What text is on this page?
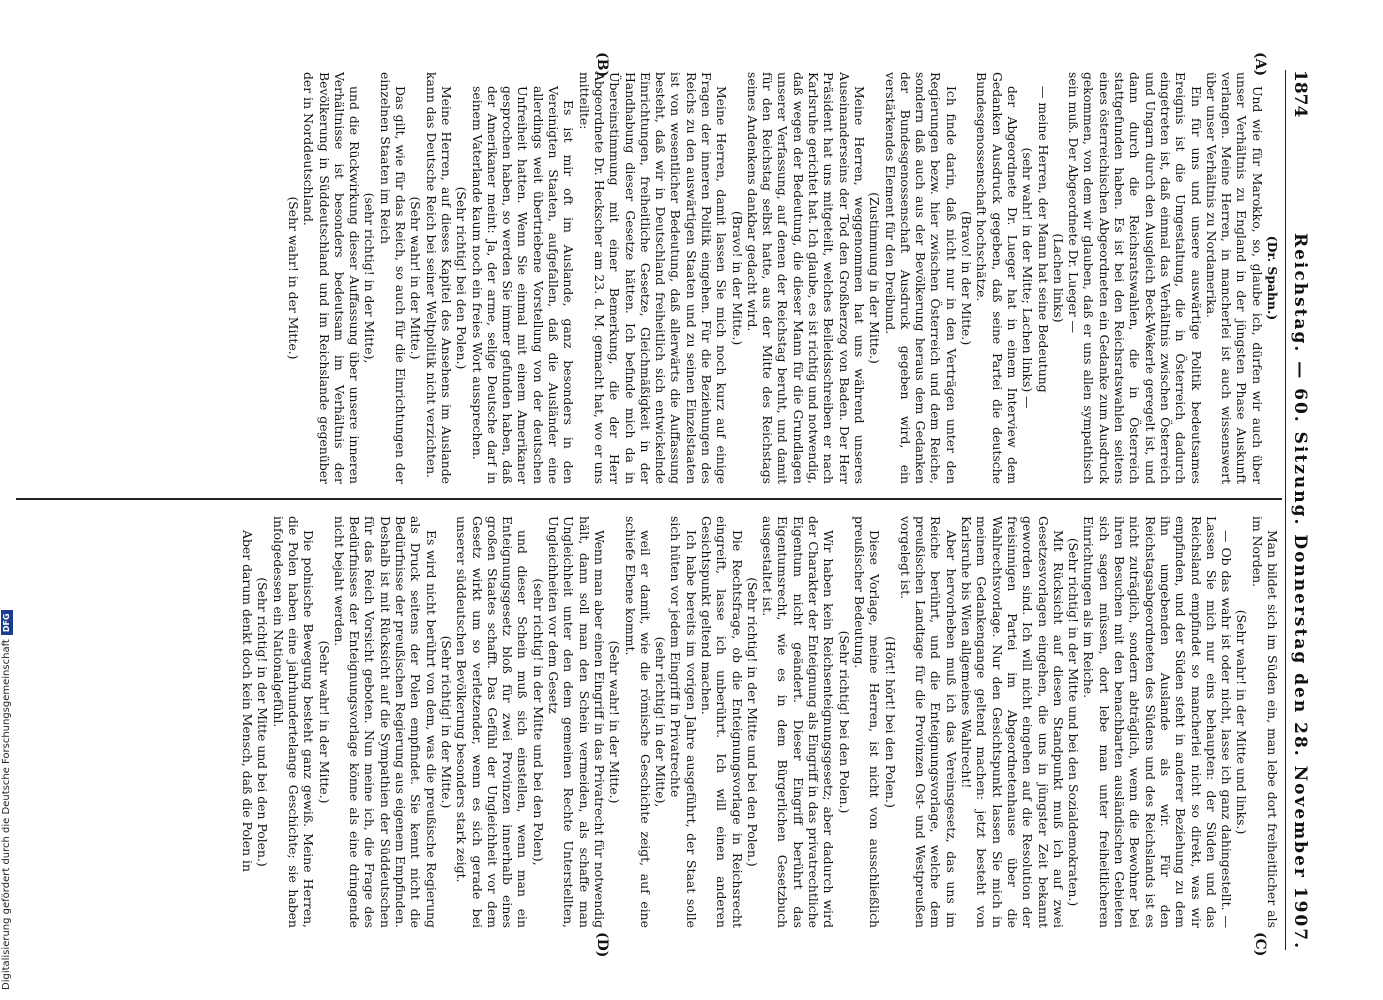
Digitalisierung gefördert durch die Deutsche ForschungsgemeinschaftDFG
1874
Reichstag. — 60. Sitzung. Donnerstag den 28. November 1907.
(A)
(B)
(C)
(D)

(Dr. Spahn.)

Und wie für Marokko, so, glaube ich, dürfen wir auch über unser Verhältnis zu England in der jüngsten Phase Auskunft verlangen. Meine Herren, in mancherlei ist auch wissenswert über unser Verhältnis zu Nordamerika.

Ein für uns und unsere auswärtige Politik bedeutsames Ereignis ist die Umgestaltung, die in Österreich dadurch eingetreten ist, daß einmal das Verhältnis zwischen Österreich und Ungarn durch den Ausgleich Beck-Wekerle geregelt ist, und dann durch die Reichsratswahlen, die in Österreich stattgefunden haben. Es ist bei den Reichsratswahlen seitens eines österreichischen Abgeordneten ein Gedanke zum Ausdruck gekommen, von dem wir glauben, daß er uns allen sympathisch sein muß. Der Abgeordnete Dr. Lueger —

(Lachen links)

— meine Herren, der Mann hat seine Bedeutung

(sehr wahr! in der Mitte; Lachen links) —

der Abgeordnete Dr. Lueger hat in einem Interview dem Gedanken Ausdruck gegeben, daß seine Partei die deutsche Bundesgenossenschaft hochschätze.

(Bravo! in der Mitte.)

Ich finde darin, daß nicht nur in den Verträgen unter den Regierungen bezw. hier zwischen Österreich und dem Reiche, sondern daß auch aus der Bevölkerung heraus dem Gedanken der Bundesgenossenschaft Ausdruck gegeben wird, ein verstärkendes Element für den Dreibund.

(Zustimmung in der Mitte.)

Meine Herren, weggenommen hat uns während unseres Auseinanderseins der Tod den Großherzog von Baden. Der Herr Präsident hat uns mitgeteilt, welches Beileidsschreiben er nach Karlsruhe gerichtet hat. Ich glaube, es ist richtig und notwendig, daß wegen der Bedeutung, die dieser Mann für die Grundlagen unserer Verfassung, auf denen der Reichstag beruht, und damit für den Reichstag selbst hatte, aus der Mitte des Reichstags seines Andenkens dankbar gedacht wird.

(Bravo! in der Mitte.)

Meine Herren, damit lassen Sie mich noch kurz auf einige Fragen der inneren Politik eingehen. Für die Beziehungen des Reichs zu den auswärtigen Staaten und zu seinen Einzelstaaten ist von wesentlicher Bedeutung, daß allerwärts die Auffassung besteht, daß wir in Deutschland freiheitlich sich entwickelnde Einrichtungen, freiheitliche Gesetze, Gleichmäßigkeit in der Handhabung dieser Gesetze hätten. Ich befinde mich da in Übereinstimmung mit einer Bemerkung, die der Herr Abgeordnete Dr. Heckscher am 23. d. M. gemacht hat, wo er uns mitteilte:

Es ist mir oft im Auslande, ganz besonders in den Vereinigten Staaten, aufgefallen, daß die Ausländer eine allerdings weit übertriebene Vorstellung von der deutschen Unfreiheit hatten. Wenn Sie einmal mit einem Amerikaner gesprochen haben, so werden Sie immer gefunden haben, daß der Amerikaner meint: Ja, der arme, selige Deutsche darf in seinem Vaterlande kaum noch ein freies Wort aussprechen.

(Sehr richtig! bei den Polen.)

Meine Herren, auf dieses Kapitel des Ansehens im Auslande kann das Deutsche Reich bei seiner Weltpolitik nicht verzichten.

(Sehr wahr! in der Mitte.)

Das gilt, wie für das Reich, so auch für die Einrichtungen der einzelnen Staaten im Reich

(sehr richtig! in der Mitte),

und die Rückwirkung dieser Auffassung über unsere inneren Verhältnisse ist besonders bedeutsam im Verhältnis der Bevölkerung in Süddeutschland und im Reichslande gegenüber der in Norddeutschland.

(Sehr wahr! in der Mitte.)

Man bildet sich im Süden ein, man lebe dort freiheitlicher als im Norden.

(Sehr wahr! in der Mitte und links.)

— Ob das wahr ist oder nicht, lasse ich ganz dahingestellt. — Lassen Sie mich nur eins behaupten: der Süden und das Reichsland empfindet so mancherlei nicht so direkt, was wir empfinden, und der Süden steht in anderer Beziehung zu dem ihn umgebenden Auslande als wir. Für den Reichstagsabgeordneten des Südens und des Reichslands ist es nicht zuträglich, sondern abträglich, wenn die Bewohner bei ihren Besuchen mit den benachbarten ausländischen Gebieten sich sagen müssen, dort lebe man unter freiheitlicheren Einrichtungen als im Reiche.

(Sehr richtig! in der Mitte und bei den Sozialdemokraten.)

Mit Rücksicht auf diesen Standpunkt muß ich auf zwei Gesetzesvorlagen eingehen, die uns in jüngster Zeit bekannt geworden sind. Ich will nicht eingehen auf die Resolution der freisinnigen Partei im Abgeordnetenhause über die Wahlrechtsvorlage. Nur den Gesichtspunkt lassen Sie mich in meinem Gedankengange geltend machen: jetzt besteht von Karlsruhe bis Wien allgemeines Wahlrecht!

Aber hervorheben muß ich das Vereinsgesetz, das uns im Reiche berührt, und die Enteignungsvorlage, welche dem preußischen Landtage für die Provinzen Ost- und Westpreußen vorgelegt ist.

(Hört! hört! bei den Polen.)

Diese Vorlage, meine Herren, ist nicht von ausschließlich preußischer Bedeutung.

(Sehr richtig! bei den Polen.)

Wir haben kein Reichsenteignungsgesetz; aber dadurch wird der Charakter der Enteignung als Eingriff in das privatrechtliche Eigentum nicht geändert. Dieser Eingriff berührt das Eigentumsrecht, wie es in dem Bürgerlichen Gesetzbuch ausgestaltet ist.

(Sehr richtig! in der Mitte und bei den Polen.)

Die Rechtsfrage, ob die Enteignungsvorlage in Reichsrecht eingreift, lasse ich unberührt. Ich will einen anderen Gesichtspunkt geltend machen.

Ich habe bereits im vorigen Jahre ausgeführt, der Staat solle sich hüten vor jedem Eingriff in Privatrechte

(sehr richtig! in der Mitte),

weil er damit, wie die römische Geschichte zeigt, auf eine schiefe Ebene kommt.

(Sehr wahr! in der Mitte.)

Wenn man aber einen Eingriff in das Privatrecht für notwendig hält, dann soll man den Schein vermeiden, als schaffe man Ungleichheit unter den dem gemeinen Rechte Unterstellten, Ungleichheiten vor dem Gesetz

(sehr richtig! in der Mitte und bei den Polen),

und dieser Schein muß sich einstellen, wenn man ein Enteignungsgesetz bloß für zwei Provinzen innerhalb eines großen Staates schafft. Das Gefühl der Ungleichheit vor dem Gesetz wirkt um so verletzender, wenn es sich gerade bei unserer süddeutschen Bevölkerung besonders stark zeigt.

(Sehr richtig! in der Mitte.)

Es wird nicht berührt von dem, was die preußische Regierung als Druck seitens der Polen empfindet. Sie kennt nicht die Bedürfnisse der preußischen Regierung aus eigenem Empfinden. Deshalb ist mit Rücksicht auf die Sympathien der Süddeutschen für das Reich Vorsicht geboten. Nun meine ich, die Frage des Bedürfnisses der Enteignungsvorlage könne als eine dringende nicht bejaht werden.

(Sehr wahr! in der Mitte.)

Die polnische Bewegung besteht ganz gewiß. Meine Herren, die Polen haben eine jahrhundertelange Geschichte; sie haben infolgedessen ein Nationalgefühl.

(Sehr richtig! in der Mitte und bei den Polen.)

Aber darum denkt doch kein Mensch, daß die Polen in
